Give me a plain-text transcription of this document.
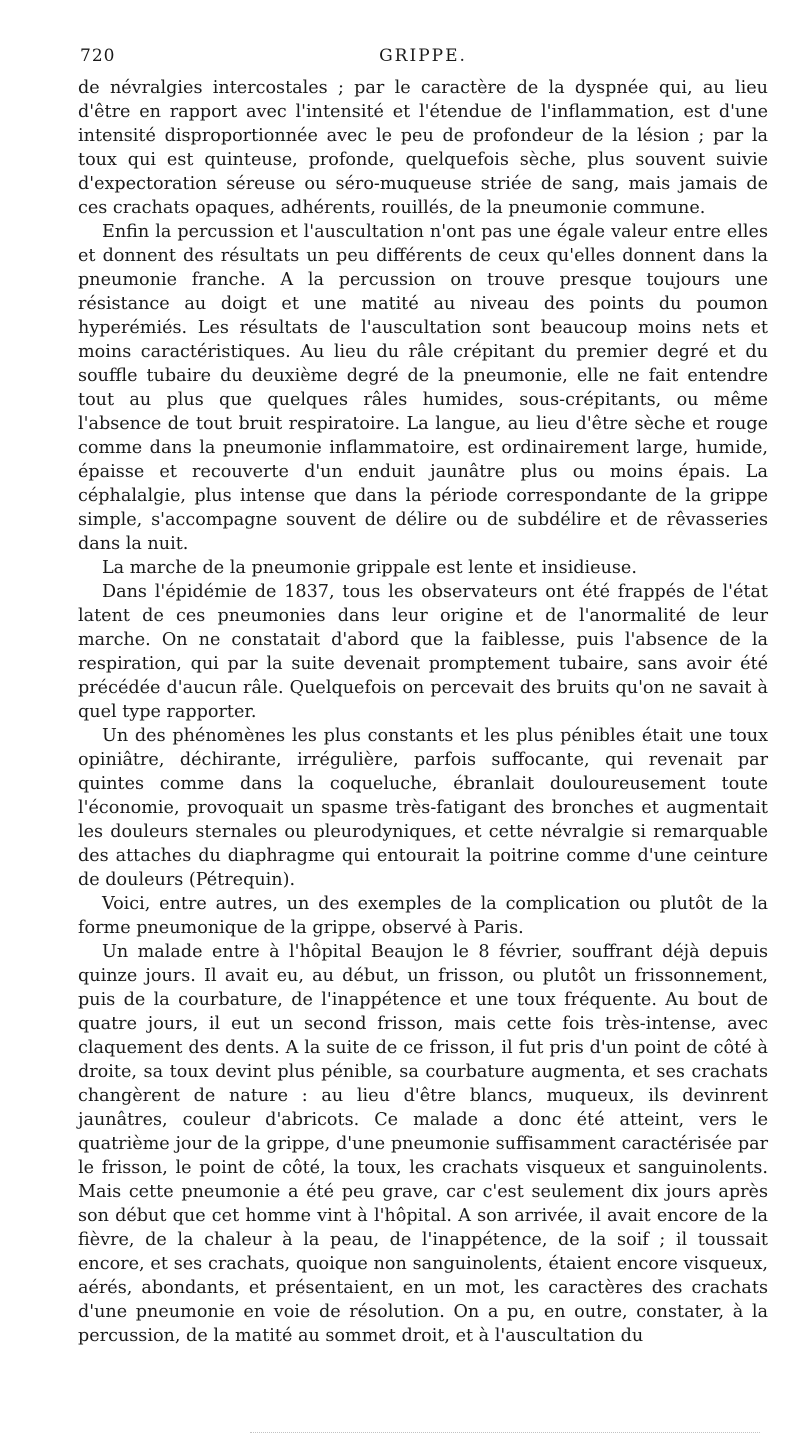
720	GRIPPE.

de névralgies intercostales ; par le caractère de la dyspnée qui, au lieu d'être en rapport avec l'intensité et l'étendue de l'inflammation, est d'une intensité disproportionnée avec le peu de profondeur de la lésion ; par la toux qui est quinteuse, profonde, quelquefois sèche, plus souvent suivie d'expectoration séreuse ou séro-muqueuse striée de sang, mais jamais de ces crachats opaques, adhérents, rouillés, de la pneumonie commune.

Enfin la percussion et l'auscultation n'ont pas une égale valeur entre elles et donnent des résultats un peu différents de ceux qu'elles donnent dans la pneumonie franche. A la percussion on trouve presque toujours une résistance au doigt et une matité au niveau des points du poumon hyperémiés. Les résultats de l'auscultation sont beaucoup moins nets et moins caractéristiques. Au lieu du râle crépitant du premier degré et du souffle tubaire du deuxième degré de la pneumonie, elle ne fait entendre tout au plus que quelques râles humides, sous-crépitants, ou même l'absence de tout bruit respiratoire. La langue, au lieu d'être sèche et rouge comme dans la pneumonie inflammatoire, est ordinairement large, humide, épaisse et recouverte d'un enduit jaunâtre plus ou moins épais. La céphalalgie, plus intense que dans la période correspondante de la grippe simple, s'accompagne souvent de délire ou de subdélire et de rêvasseries dans la nuit.

La marche de la pneumonie grippale est lente et insidieuse.

Dans l'épidémie de 1837, tous les observateurs ont été frappés de l'état latent de ces pneumonies dans leur origine et de l'anormalité de leur marche. On ne constatait d'abord que la faiblesse, puis l'absence de la respiration, qui par la suite devenait promptement tubaire, sans avoir été précédée d'aucun râle. Quelquefois on percevait des bruits qu'on ne savait à quel type rapporter.

Un des phénomènes les plus constants et les plus pénibles était une toux opiniâtre, déchirante, irrégulière, parfois suffocante, qui revenait par quintes comme dans la coqueluche, ébranlait douloureusement toute l'économie, provoquait un spasme très-fatigant des bronches et augmentait les douleurs sternales ou pleurodyniques, et cette névralgie si remarquable des attaches du diaphragme qui entourait la poitrine comme d'une ceinture de douleurs (Pétrequin).

Voici, entre autres, un des exemples de la complication ou plutôt de la forme pneumonique de la grippe, observé à Paris.

Un malade entre à l'hôpital Beaujon le 8 février, souffrant déjà depuis quinze jours. Il avait eu, au début, un frisson, ou plutôt un frissonnement, puis de la courbature, de l'inappétence et une toux fréquente. Au bout de quatre jours, il eut un second frisson, mais cette fois très-intense, avec claquement des dents. A la suite de ce frisson, il fut pris d'un point de côté à droite, sa toux devint plus pénible, sa courbature augmenta, et ses crachats changèrent de nature : au lieu d'être blancs, muqueux, ils devinrent jaunâtres, couleur d'abricots. Ce malade a donc été atteint, vers le quatrième jour de la grippe, d'une pneumonie suffisamment caractérisée par le frisson, le point de côté, la toux, les crachats visqueux et sanguinolents. Mais cette pneumonie a été peu grave, car c'est seulement dix jours après son début que cet homme vint à l'hôpital. A son arrivée, il avait encore de la fièvre, de la chaleur à la peau, de l'inappétence, de la soif ; il toussait encore, et ses crachats, quoique non sanguinolents, étaient encore visqueux, aérés, abondants, et présentaient, en un mot, les caractères des crachats d'une pneumonie en voie de résolution. On a pu, en outre, constater, à la percussion, de la matité au sommet droit, et à l'auscultation du
